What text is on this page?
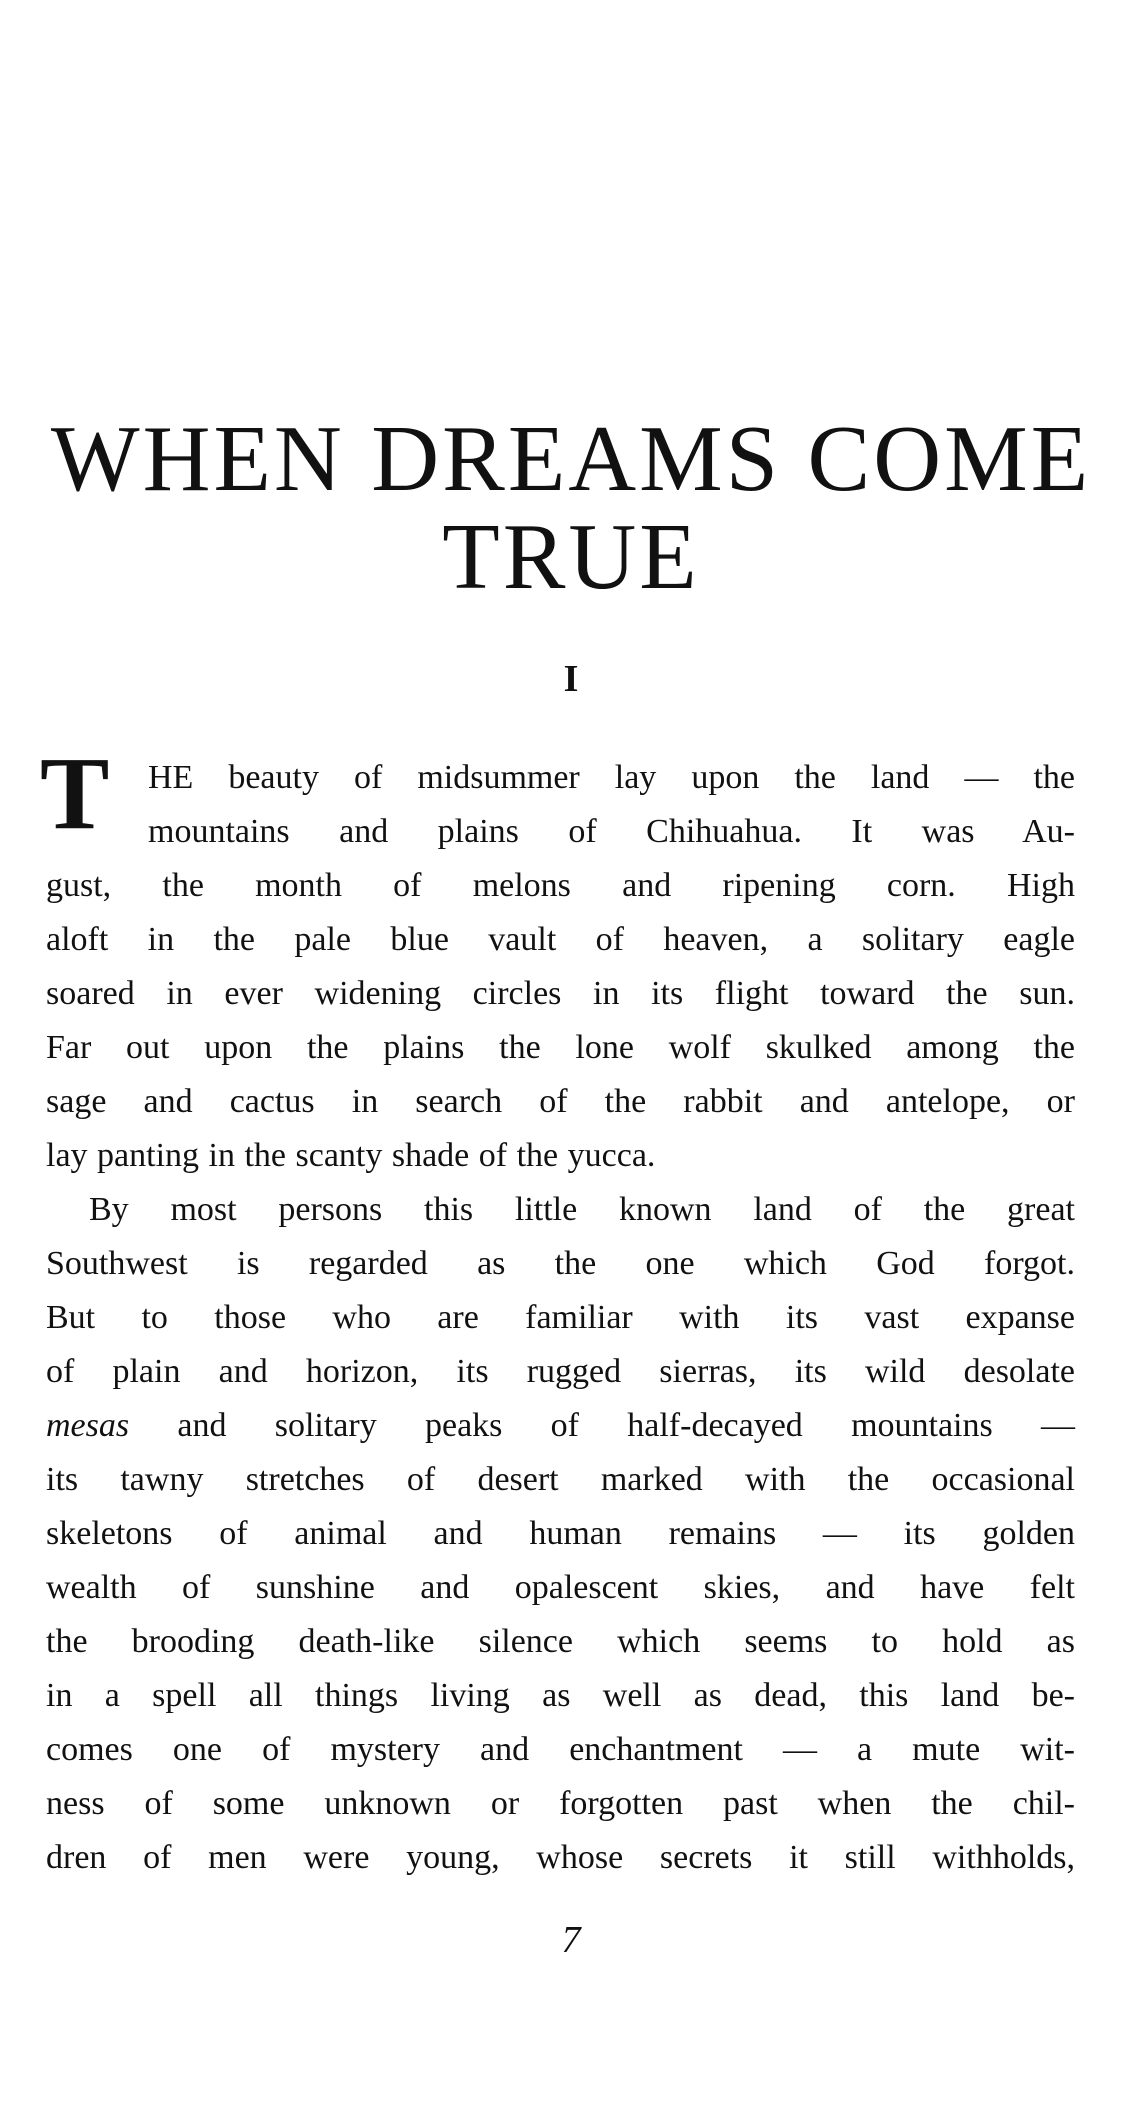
WHEN DREAMS COME
TRUE
I
T HE beauty of midsummer lay upon the land — the
mountains and plains of Chihuahua. It was Au-
gust, the month of melons and ripening corn. High
aloft in the pale blue vault of heaven, a solitary eagle
soared in ever widening circles in its flight toward the sun.
Far out upon the plains the lone wolf skulked among the
sage and cactus in search of the rabbit and antelope, or
lay panting in the scanty shade of the yucca.
By most persons this little known land of the great
Southwest is regarded as the one which God forgot.
But to those who are familiar with its vast expanse
of plain and horizon, its rugged sierras, its wild desolate
mesas and solitary peaks of half-decayed mountains —
its tawny stretches of desert marked with the occasional
skeletons of animal and human remains — its golden
wealth of sunshine and opalescent skies, and have felt
the brooding death-like silence which seems to hold as
in a spell all things living as well as dead, this land be-
comes one of mystery and enchantment — a mute wit-
ness of some unknown or forgotten past when the chil-
dren of men were young, whose secrets it still withholds,
7
